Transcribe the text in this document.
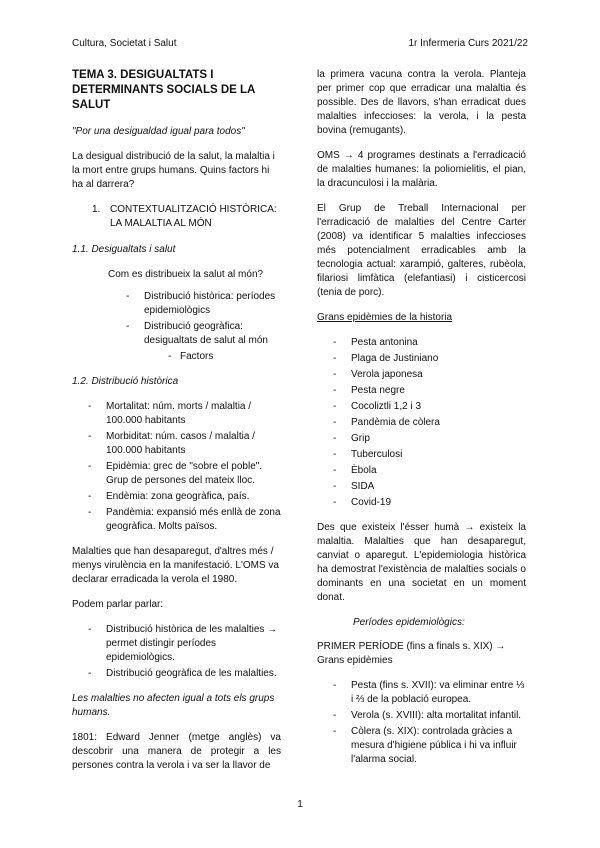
Cultura, Societat i Salut	1r Infermeria Curs 2021/22
TEMA 3. DESIGUALTATS I DETERMINANTS SOCIALS DE LA SALUT

"Por una desigualdad igual para todos"

La desigual distribució de la salut, la malaltia i la mort entre grups humans. Quins factors hi ha al darrera?

1. CONTEXTUALITZACIÓ HISTÒRICA: LA MALALTIA AL MÓN

1.1. Desigualtats i salut

Com es distribueix la salut al món?
- Distribució històrica: períodes epidemiològics
- Distribució geogràfica: desigualtats de salut al món
- Factors

1.2. Distribució històrica

- Mortalitat: núm. morts / malaltia / 100.000 habitants
- Morbiditat: núm. casos / malaltia / 100.000 habitants
- Epidèmia: grec de "sobre el poble". Grup de persones del mateix lloc.
- Endèmia: zona geogràfica, país.
- Pandèmia: expansió més enllà de zona geogràfica. Molts països.

Malalties que han desaparegut, d'altres més / menys virulència en la manifestació. L'OMS va declarar erradicada la verola el 1980.

Podem parlar parlar:

- Distribució històrica de les malalties → permet distingir períodes epidemiològics.
- Distribució geogràfica de les malalties.

Les malalties no afecten igual a tots els grups humans.

1801: Edward Jenner (metge anglès) va descobrir una manera de protegir a les persones contra la verola i va ser la llavor de

la primera vacuna contra la verola. Planteja per primer cop que erradicar una malaltia és possible. Des de llavors, s'han erradicat dues malalties infeccioses: la verola, i la pesta bovina (remugants).

OMS → 4 programes destinats a l'erradicació de malalties humanes: la poliomielitis, el pian, la dracunculosi i la malària.

El Grup de Treball Internacional per l'erradicació de malalties del Centre Carter (2008) va identificar 5 malalties infeccioses més potencialment erradicables amb la tecnologia actual: xarampió, galteres, rubèola, filariosi limfàtica (elefantiasi) i cisticercosi (tenia de porc).

Grans epidèmies de la historia

- Pesta antonina
- Plaga de Justiniano
- Verola japonesa
- Pesta negre
- Cocoliztli 1,2 i 3
- Pandèmia de còlera
- Grip
- Tuberculosi
- Èbola
- SIDA
- Covid-19

Des que existeix l'ésser humà → existeix la malaltia. Malalties que han desaparegut, canviat o aparegut. L'epidemiologia històrica ha demostrat l'existència de malalties socials o dominants en una societat en un moment donat.

Períodes epidemiològics:

PRIMER PERÍODE (fins a finals s. XIX) → Grans epidèmies

- Pesta (fins s. XVII): va eliminar entre ⅓ i ⅔ de la població europea.
- Verola (s. XVIII): alta mortalitat infantil.
- Còlera (s. XIX): controlada gràcies a mesura d'higiene pública i hi va influir l'alarma social.
1
